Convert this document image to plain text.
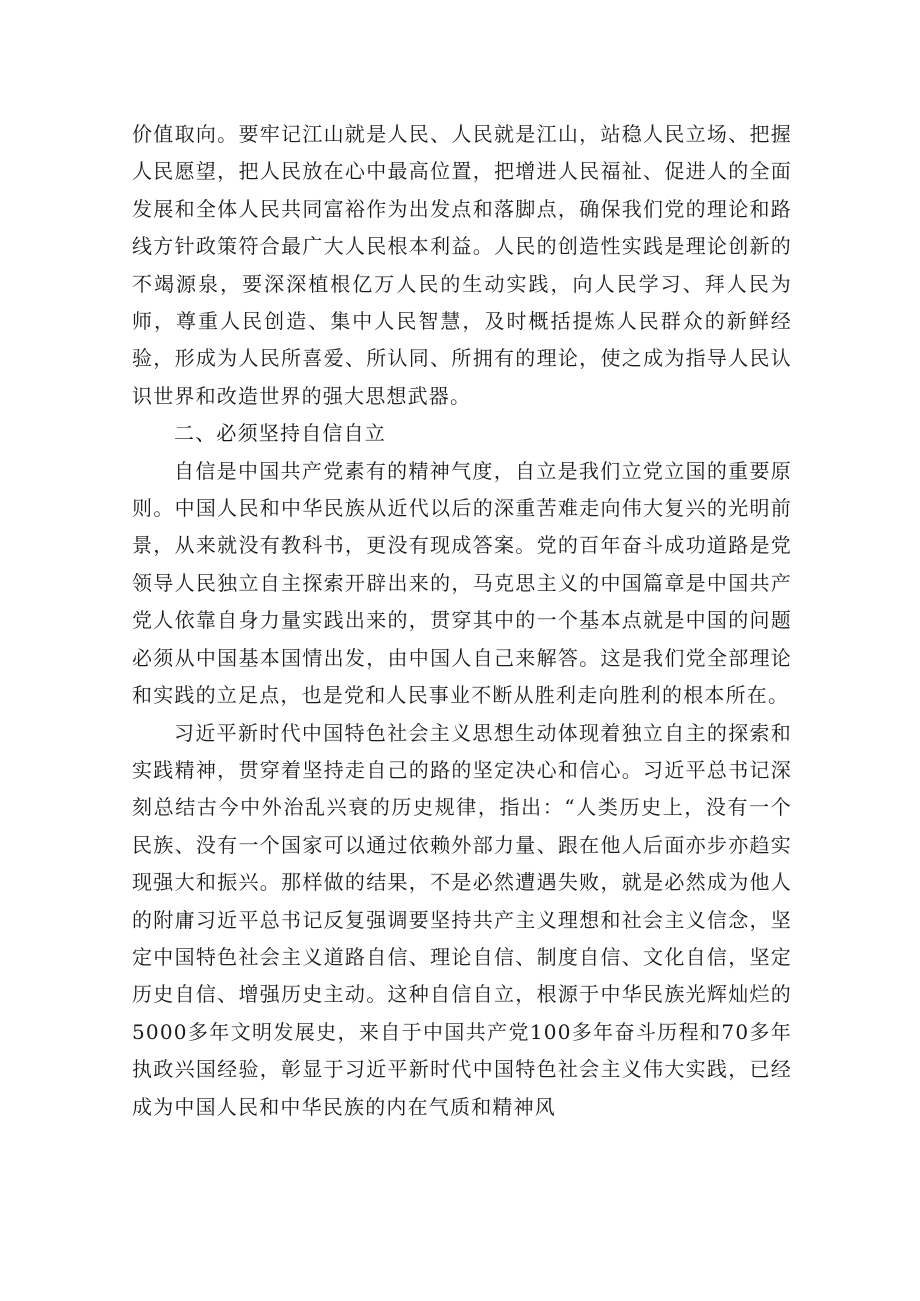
价值取向。要牢记江山就是人民、人民就是江山，站稳人民立场、把握人民愿望，把人民放在心中最高位置，把增进人民福祉、促进人的全面发展和全体人民共同富裕作为出发点和落脚点，确保我们党的理论和路线方针政策符合最广大人民根本利益。人民的创造性实践是理论创新的不竭源泉，要深深植根亿万人民的生动实践，向人民学习、拜人民为师，尊重人民创造、集中人民智慧，及时概括提炼人民群众的新鲜经验，形成为人民所喜爱、所认同、所拥有的理论，使之成为指导人民认识世界和改造世界的强大思想武器。

二、必须坚持自信自立

自信是中国共产党素有的精神气度，自立是我们立党立国的重要原则。中国人民和中华民族从近代以后的深重苦难走向伟大复兴的光明前景，从来就没有教科书，更没有现成答案。党的百年奋斗成功道路是党领导人民独立自主探索开辟出来的，马克思主义的中国篇章是中国共产党人依靠自身力量实践出来的，贯穿其中的一个基本点就是中国的问题必须从中国基本国情出发，由中国人自己来解答。这是我们党全部理论和实践的立足点，也是党和人民事业不断从胜利走向胜利的根本所在。

习近平新时代中国特色社会主义思想生动体现着独立自主的探索和实践精神，贯穿着坚持走自己的路的坚定决心和信心。习近平总书记深刻总结古今中外治乱兴衰的历史规律，指出：“人类历史上，没有一个民族、没有一个国家可以通过依赖外部力量、跟在他人后面亦步亦趋实现强大和振兴。那样做的结果，不是必然遭遇失败，就是必然成为他人的附庸习近平总书记反复强调要坚持共产主义理想和社会主义信念，坚定中国特色社会主义道路自信、理论自信、制度自信、文化自信，坚定历史自信、增强历史主动。这种自信自立，根源于中华民族光辉灿烂的5000多年文明发展史，来自于中国共产党100多年奋斗历程和70多年执政兴国经验，彰显于习近平新时代中国特色社会主义伟大实践，已经成为中国人民和中华民族的内在气质和精神风
